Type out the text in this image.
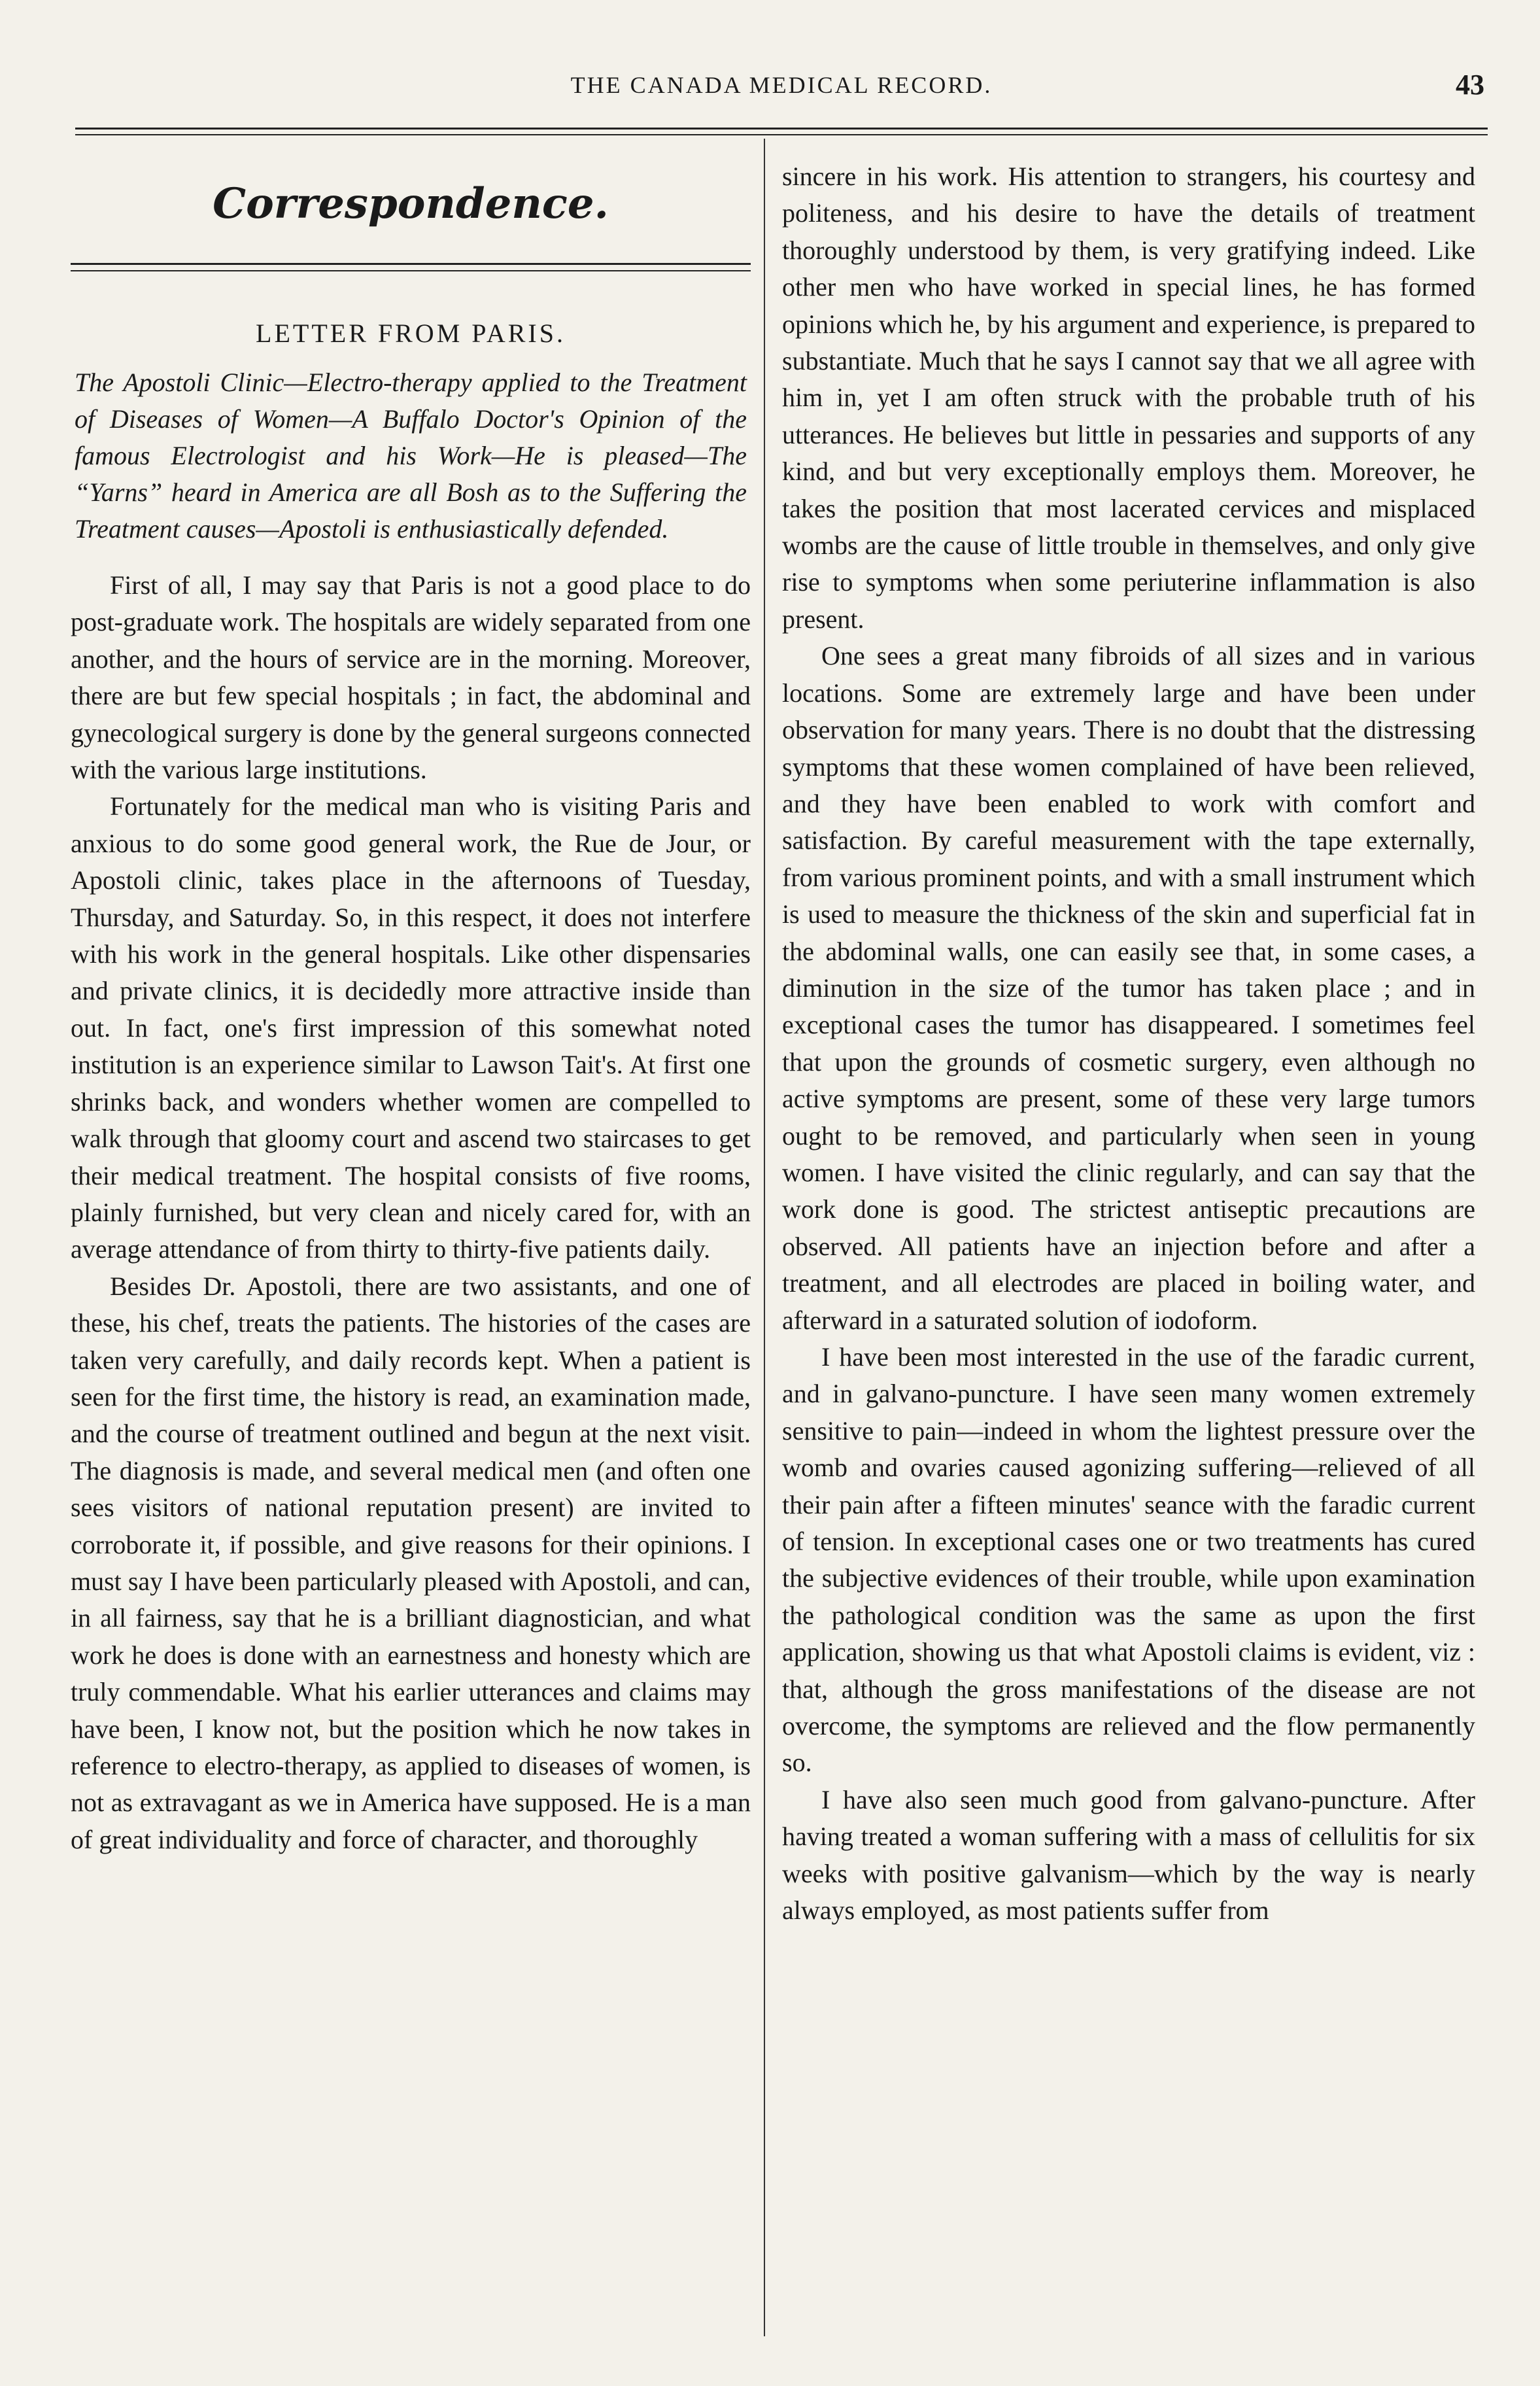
THE CANADA MEDICAL RECORD.	43
Correspondence.
LETTER FROM PARIS.
The Apostoli Clinic—Electro-therapy applied to the Treatment of Diseases of Women—A Buffalo Doctor's Opinion of the famous Electrologist and his Work—He is pleased—The “Yarns” heard in America are all Bosh as to the Suffering the Treatment causes—Apostoli is enthusiastically defended.

First of all, I may say that Paris is not a good place to do post-graduate work. The hospitals are widely separated from one another, and the hours of service are in the morning. Moreover, there are but few special hospitals ; in fact, the abdominal and gynecological surgery is done by the general surgeons connected with the various large institutions.

Fortunately for the medical man who is visiting Paris and anxious to do some good general work, the Rue de Jour, or Apostoli clinic, takes place in the afternoons of Tuesday, Thursday, and Saturday. So, in this respect, it does not interfere with his work in the general hospitals. Like other dispensaries and private clinics, it is decidedly more attractive inside than out. In fact, one's first impression of this somewhat noted institution is an experience similar to Lawson Tait's. At first one shrinks back, and wonders whether women are compelled to walk through that gloomy court and ascend two staircases to get their medical treatment. The hospital consists of five rooms, plainly furnished, but very clean and nicely cared for, with an average attendance of from thirty to thirty-five patients daily.

Besides Dr. Apostoli, there are two assistants, and one of these, his chef, treats the patients. The histories of the cases are taken very carefully, and daily records kept. When a patient is seen for the first time, the history is read, an examination made, and the course of treatment outlined and begun at the next visit. The diagnosis is made, and several medical men (and often one sees visitors of national reputation present) are invited to corroborate it, if possible, and give reasons for their opinions. I must say I have been particularly pleased with Apostoli, and can, in all fairness, say that he is a brilliant diagnostician, and what work he does is done with an earnestness and honesty which are truly commendable. What his earlier utterances and claims may have been, I know not, but the position which he now takes in reference to electro-therapy, as applied to diseases of women, is not as extravagant as we in America have supposed. He is a man of great individuality and force of character, and thoroughly

sincere in his work. His attention to strangers, his courtesy and politeness, and his desire to have the details of treatment thoroughly understood by them, is very gratifying indeed. Like other men who have worked in special lines, he has formed opinions which he, by his argument and experience, is prepared to substantiate. Much that he says I cannot say that we all agree with him in, yet I am often struck with the probable truth of his utterances. He believes but little in pessaries and supports of any kind, and but very exceptionally employs them. Moreover, he takes the position that most lacerated cervices and misplaced wombs are the cause of little trouble in themselves, and only give rise to symptoms when some periuterine inflammation is also present.

One sees a great many fibroids of all sizes and in various locations. Some are extremely large and have been under observation for many years. There is no doubt that the distressing symptoms that these women complained of have been relieved, and they have been enabled to work with comfort and satisfaction. By careful measurement with the tape externally, from various prominent points, and with a small instrument which is used to measure the thickness of the skin and superficial fat in the abdominal walls, one can easily see that, in some cases, a diminution in the size of the tumor has taken place ; and in exceptional cases the tumor has disappeared. I sometimes feel that upon the grounds of cosmetic surgery, even although no active symptoms are present, some of these very large tumors ought to be removed, and particularly when seen in young women. I have visited the clinic regularly, and can say that the work done is good. The strictest antiseptic precautions are observed. All patients have an injection before and after a treatment, and all electrodes are placed in boiling water, and afterward in a saturated solution of iodoform.

I have been most interested in the use of the faradic current, and in galvano-puncture. I have seen many women extremely sensitive to pain—indeed in whom the lightest pressure over the womb and ovaries caused agonizing suffering—relieved of all their pain after a fifteen minutes' seance with the faradic current of tension. In exceptional cases one or two treatments has cured the subjective evidences of their trouble, while upon examination the pathological condition was the same as upon the first application, showing us that what Apostoli claims is evident, viz : that, although the gross manifestations of the disease are not overcome, the symptoms are relieved and the flow permanently so.

I have also seen much good from galvano-puncture. After having treated a woman suffering with a mass of cellulitis for six weeks with positive galvanism—which by the way is nearly always employed, as most patients suffer from
